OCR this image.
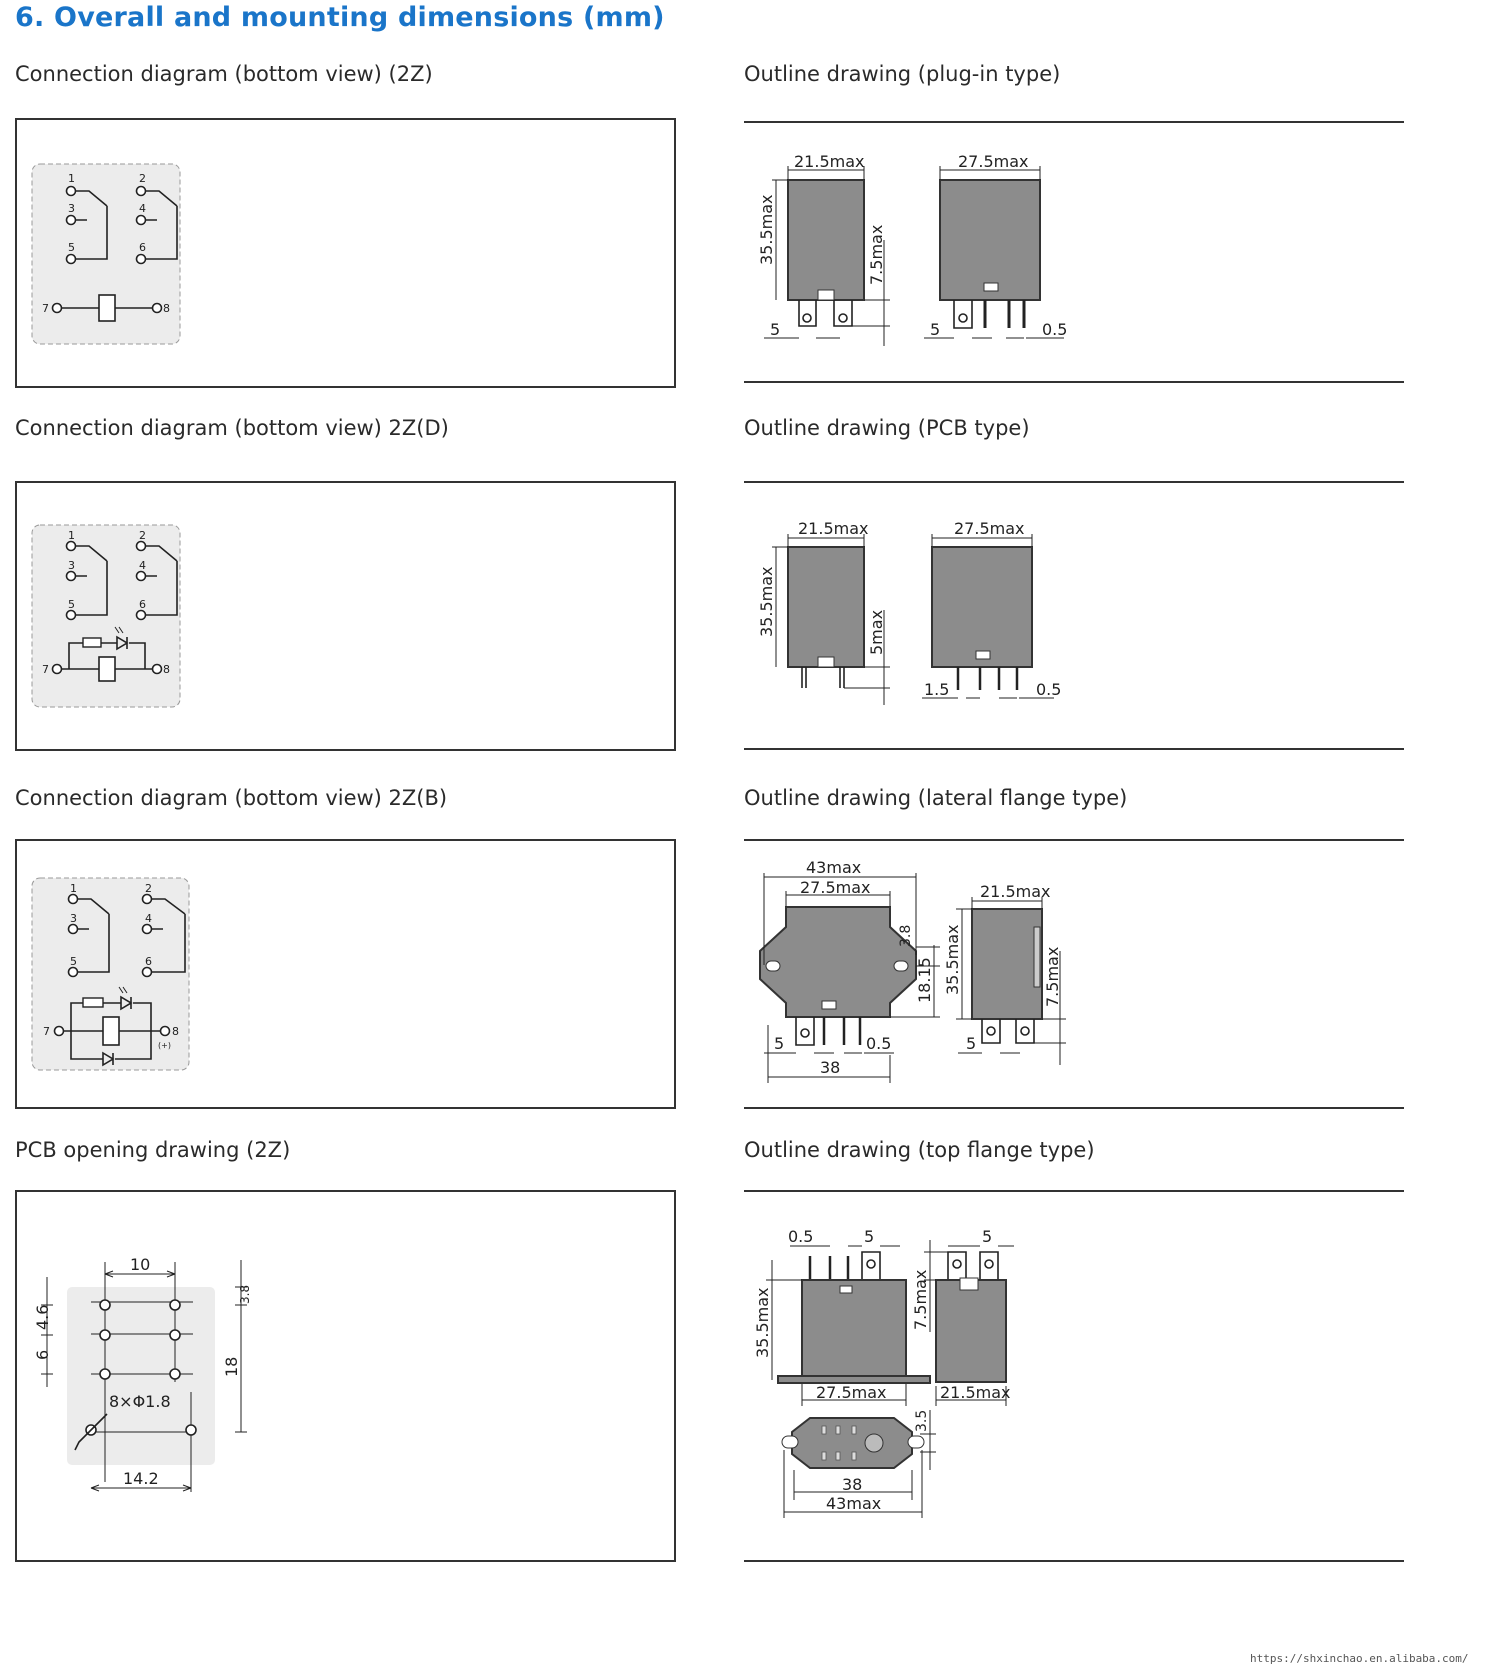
6. Overall and mounting dimensions (mm)
Connection diagram (bottom view) (2Z)
1	2
3	4
5	6
7	8
Connection diagram (bottom view) 2Z(D)
1	2
3	4
5	6
7	8
Connection diagram (bottom view) 2Z(B)
1	2
3	4
5	6
7	8
(+)
PCB opening drawing (2Z)
10
4.6
6
3.8
18
8×Φ1.8
14.2
Outline drawing (plug-in type)
21.5max
35.5max	7.5max
5
27.5max
5	0.5
Outline drawing (PCB type)
21.5max
35.5max	5max
27.5max
1.5	0.5
Outline drawing (lateral flange type)
43max
27.5max
3.8
18.15
5	0.5
38
21.5max
35.5max	7.5max
5
Outline drawing (top flange type)
0.5	5
35.5max
27.5max
5
7.5max
21.5max
3.5
38
43max
https://shxinchao.en.alibaba.com/
